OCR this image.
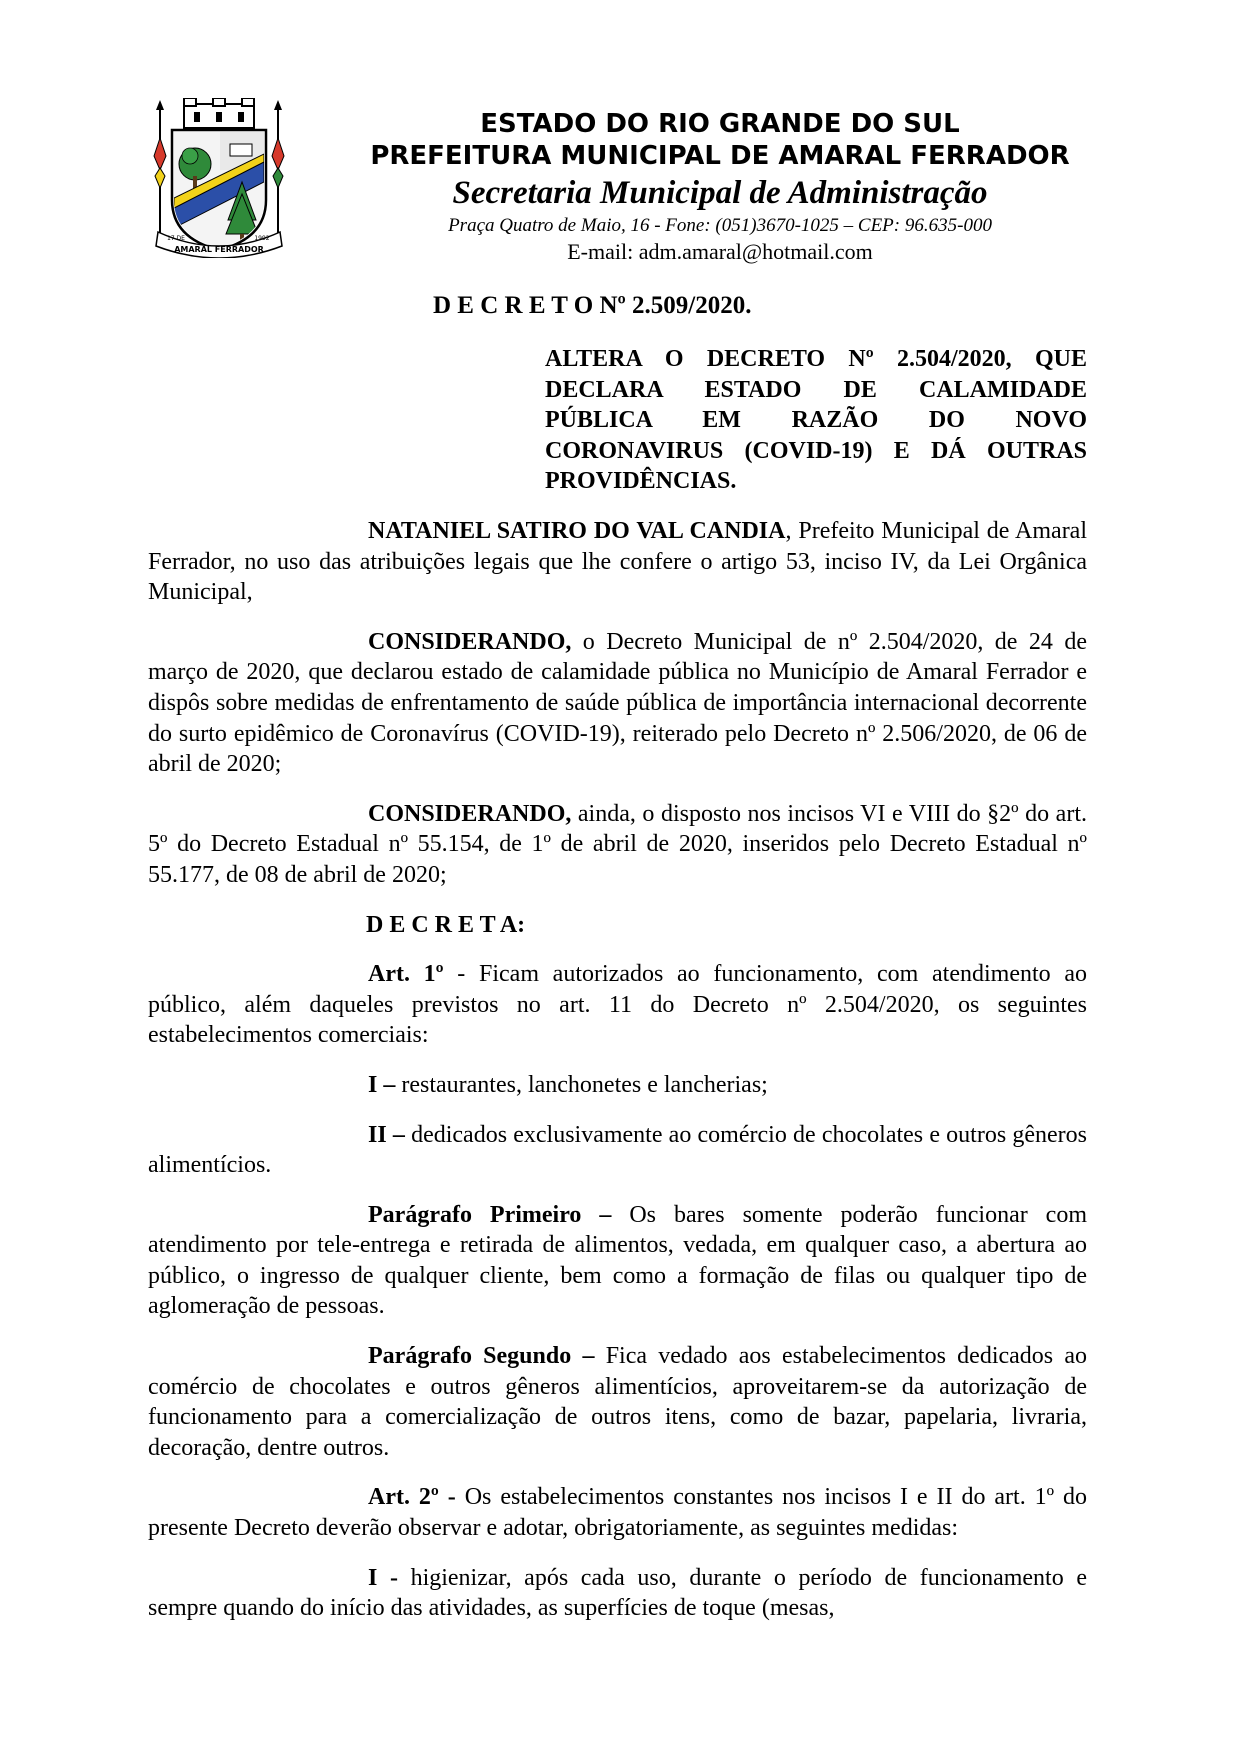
AMARAL FERRADOR
17 DE	1992

ESTADO DO RIO GRANDE DO SUL

PREFEITURA MUNICIPAL DE AMARAL FERRADOR

Secretaria Municipal de Administração

Praça Quatro de Maio, 16 - Fone: (051)3670-1025 – CEP: 96.635-000

E-mail: adm.amaral@hotmail.com

D E C R E T O Nº 2.509/2020.

ALTERA O DECRETO Nº 2.504/2020, QUE DECLARA ESTADO DE CALAMIDADE PÚBLICA EM RAZÃO DO NOVO CORONAVIRUS (COVID-19) E DÁ OUTRAS PROVIDÊNCIAS.

NATANIEL SATIRO DO VAL CANDIA, Prefeito Municipal de Amaral Ferrador, no uso das atribuições legais que lhe confere o artigo 53, inciso IV, da Lei Orgânica Municipal,

CONSIDERANDO, o Decreto Municipal de nº 2.504/2020, de 24 de março de 2020, que declarou estado de calamidade pública no Município de Amaral Ferrador e dispôs sobre medidas de enfrentamento de saúde pública de importância internacional decorrente do surto epidêmico de Coronavírus (COVID-19), reiterado pelo Decreto nº 2.506/2020, de 06 de abril de 2020;

CONSIDERANDO, ainda, o disposto nos incisos VI e VIII do §2º do art. 5º do Decreto Estadual nº 55.154, de 1º de abril de 2020, inseridos pelo Decreto Estadual nº 55.177, de 08 de abril de 2020;

D E C R E T A:

Art. 1º - Ficam autorizados ao funcionamento, com atendimento ao público, além daqueles previstos no art. 11 do Decreto nº 2.504/2020, os seguintes estabelecimentos comerciais:

I – restaurantes, lanchonetes e lancherias;

II – dedicados exclusivamente ao comércio de chocolates e outros gêneros alimentícios.

Parágrafo Primeiro – Os bares somente poderão funcionar com atendimento por tele-entrega e retirada de alimentos, vedada, em qualquer caso, a abertura ao público, o ingresso de qualquer cliente, bem como a formação de filas ou qualquer tipo de aglomeração de pessoas.

Parágrafo Segundo – Fica vedado aos estabelecimentos dedicados ao comércio de chocolates e outros gêneros alimentícios, aproveitarem-se da autorização de funcionamento para a comercialização de outros itens, como de bazar, papelaria, livraria, decoração, dentre outros.

Art. 2º - Os estabelecimentos constantes nos incisos I e II do art. 1º do presente Decreto deverão observar e adotar, obrigatoriamente, as seguintes medidas:

I - higienizar, após cada uso, durante o período de funcionamento e sempre quando do início das atividades, as superfícies de toque (mesas,
